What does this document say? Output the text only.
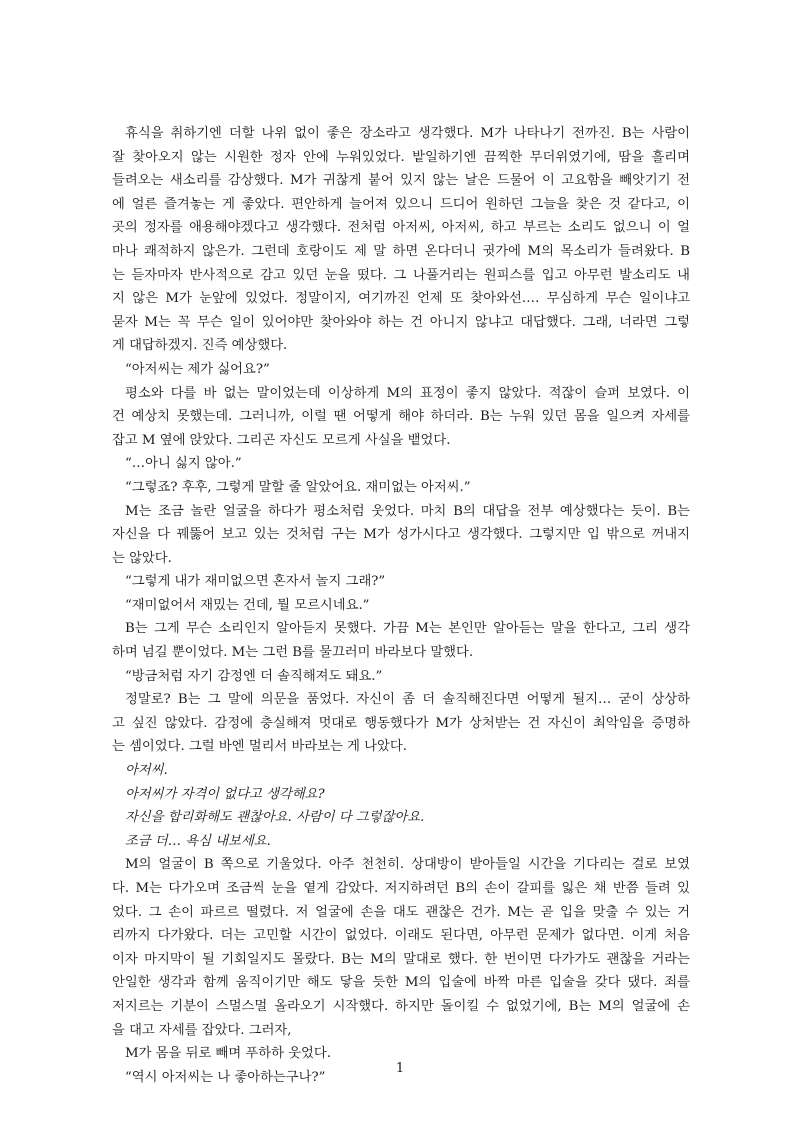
휴식을 취하기엔 더할 나위 없이 좋은 장소라고 생각했다. M가 나타나기 전까진. B는 사람이
잘 찾아오지 않는 시원한 정자 안에 누워있었다. 밭일하기엔 끔찍한 무더위였기에, 땀을 흘리며
들려오는 새소리를 감상했다. M가 귀찮게 붙어 있지 않는 날은 드물어 이 고요함을 빼앗기기 전
에 얼른 즐겨놓는 게 좋았다. 편안하게 늘어져 있으니 드디어 원하던 그늘을 찾은 것 같다고, 이
곳의 정자를 애용해야겠다고 생각했다. 전처럼 아저씨, 아저씨, 하고 부르는 소리도 없으니 이 얼
마나 쾌적하지 않은가. 그런데 호랑이도 제 말 하면 온다더니 귓가에 M의 목소리가 들려왔다. B
는 듣자마자 반사적으로 감고 있던 눈을 떴다. 그 나풀거리는 원피스를 입고 아무런 발소리도 내
지 않은 M가 눈앞에 있었다. 정말이지, 여기까진 언제 또 찾아와선…. 무심하게 무슨 일이냐고
묻자 M는 꼭 무슨 일이 있어야만 찾아와야 하는 건 아니지 않냐고 대답했다. 그래, 너라면 그렇
게 대답하겠지. 진즉 예상했다.
“아저씨는 제가 싫어요?”
평소와 다를 바 없는 말이었는데 이상하게 M의 표정이 좋지 않았다. 적잖이 슬퍼 보였다. 이
건 예상치 못했는데. 그러니까, 이럴 땐 어떻게 해야 하더라. B는 누워 있던 몸을 일으켜 자세를
잡고 M 옆에 앉았다. 그리곤 자신도 모르게 사실을 뱉었다.
“…아니 싫지 않아.”
“그렇죠? 후후, 그렇게 말할 줄 알았어요. 재미없는 아저씨.”
M는 조금 놀란 얼굴을 하다가 평소처럼 웃었다. 마치 B의 대답을 전부 예상했다는 듯이. B는
자신을 다 꿰뚫어 보고 있는 것처럼 구는 M가 성가시다고 생각했다. 그렇지만 입 밖으로 꺼내지
는 않았다.
“그렇게 내가 재미없으면 혼자서 놀지 그래?”
“재미없어서 재밌는 건데, 뭘 모르시네요.”
B는 그게 무슨 소리인지 알아듣지 못했다. 가끔 M는 본인만 알아듣는 말을 한다고, 그리 생각
하며 넘길 뿐이었다. M는 그런 B를 물끄러미 바라보다 말했다.
“방금처럼 자기 감정엔 더 솔직해져도 돼요.”
정말로? B는 그 말에 의문을 품었다. 자신이 좀 더 솔직해진다면 어떻게 될지… 굳이 상상하
고 싶진 않았다. 감정에 충실해져 멋대로 행동했다가 M가 상처받는 건 자신이 최악임을 증명하
는 셈이었다. 그럴 바엔 멀리서 바라보는 게 나았다.
아저씨.
아저씨가 자격이 없다고 생각해요?
자신을 합리화해도 괜찮아요. 사람이 다 그렇잖아요.
조금 더… 욕심 내보세요.
M의 얼굴이 B 쪽으로 기울었다. 아주 천천히. 상대방이 받아들일 시간을 기다리는 걸로 보였
다. M는 다가오며 조금씩 눈을 옅게 감았다. 저지하려던 B의 손이 갈피를 잃은 채 반쯤 들려 있
었다. 그 손이 파르르 떨렸다. 저 얼굴에 손을 대도 괜찮은 건가. M는 곧 입을 맞출 수 있는 거
리까지 다가왔다. 더는 고민할 시간이 없었다. 이래도 된다면, 아무런 문제가 없다면. 이게 처음
이자 마지막이 될 기회일지도 몰랐다. B는 M의 말대로 했다. 한 번이면 다가가도 괜찮을 거라는
안일한 생각과 함께 움직이기만 해도 닿을 듯한 M의 입술에 바짝 마른 입술을 갖다 댔다. 죄를
저지르는 기분이 스멀스멀 올라오기 시작했다. 하지만 돌이킬 수 없었기에, B는 M의 얼굴에 손
을 대고 자세를 잡았다. 그러자,
M가 몸을 뒤로 빼며 푸하하 웃었다.
“역시 아저씨는 나 좋아하는구나?”
1
